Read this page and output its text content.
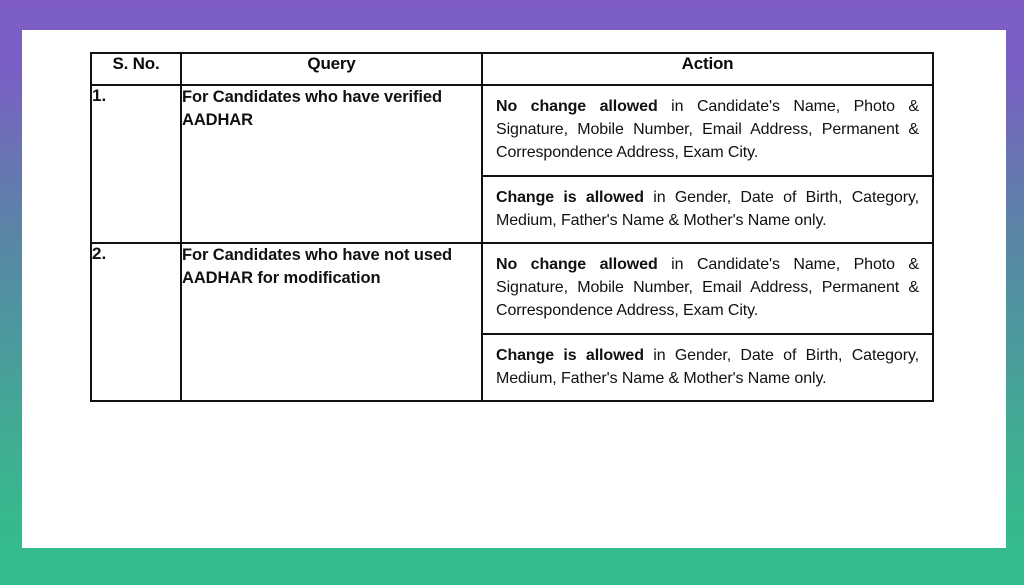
S. No.	Query	Action
1.	For Candidates who have verified AADHAR	No change allowed in Candidate's Name, Photo & Signature, Mobile Number, Email Address, Permanent & Correspondence Address, Exam City.
Change is allowed in Gender, Date of Birth, Category, Medium, Father's Name & Mother's Name only.

2.	For Candidates who have not used AADHAR for modification	No change allowed in Candidate's Name, Photo & Signature, Mobile Number, Email Address, Permanent & Correspondence Address, Exam City.
Change is allowed in Gender, Date of Birth, Category, Medium, Father's Name & Mother's Name only.
